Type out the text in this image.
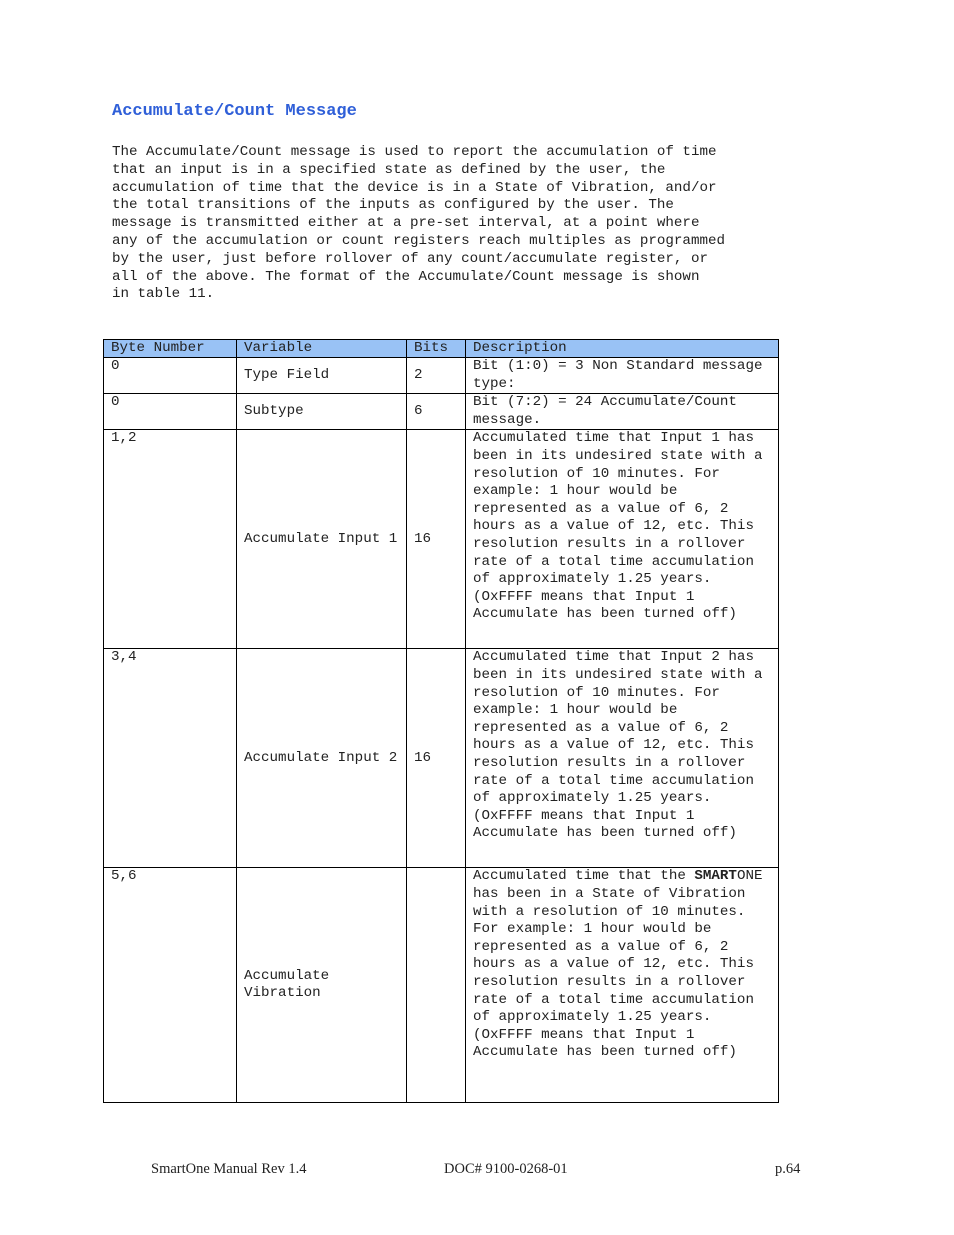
Accumulate/Count Message

The Accumulate/Count message is used to report the accumulation of time
that an input is in a specified state as defined by the user, the
accumulation of time that the device is in a State of Vibration, and/or
the total transitions of the inputs as configured by the user. The
message is transmitted either at a pre-set interval, at a point where
any of the accumulation or count registers reach multiples as programmed
by the user, just before rollover of any count/accumulate register, or
all of the above. The format of the Accumulate/Count message is shown
in table 11.

Byte Number	Variable	Bits	Description
0	Type Field	2	Bit (1:0) = 3 Non Standard message type:
0	Subtype	6	Bit (7:2) = 24 Accumulate/Count message.
1,2	Accumulate Input 1	16	Accumulated time that Input 1 has been in its undesired state with a resolution of 10 minutes. For example: 1 hour would be represented as a value of 6, 2 hours as a value of 12, etc. This resolution results in a rollover rate of a total time accumulation of approximately 1.25 years. (OxFFFF means that Input 1 Accumulate has been turned off)
3,4	Accumulate Input 2	16	Accumulated time that Input 2 has been in its undesired state with a resolution of 10 minutes. For example: 1 hour would be represented as a value of 6, 2 hours as a value of 12, etc. This resolution results in a rollover rate of a total time accumulation of approximately 1.25 years. (OxFFFF means that Input 1 Accumulate has been turned off)
5,6	Accumulate Vibration		Accumulated time that the SMARTONE has been in a State of Vibration with a resolution of 10 minutes. For example: 1 hour would be represented as a value of 6, 2 hours as a value of 12, etc. This resolution results in a rollover rate of a total time accumulation of approximately 1.25 years. (OxFFFF means that Input 1 Accumulate has been turned off)
SmartOne Manual Rev 1.4	DOC# 9100-0268-01	p.64
